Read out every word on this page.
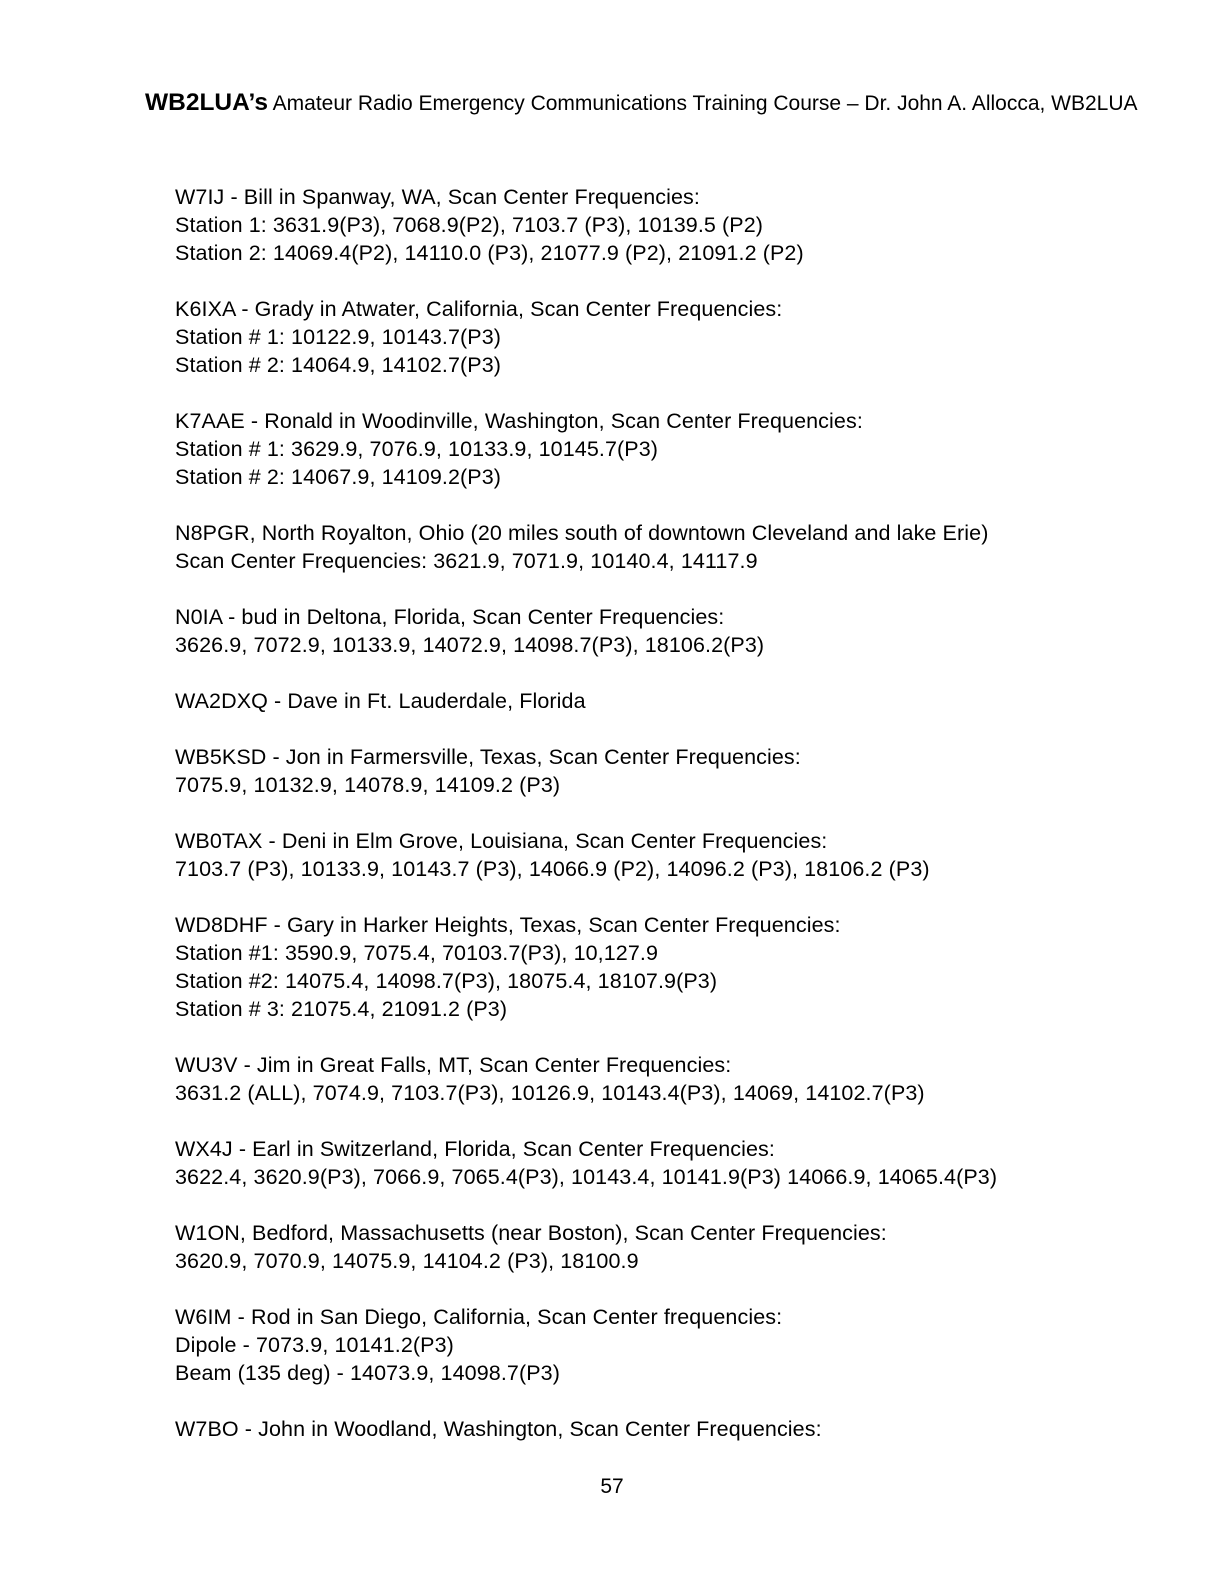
WB2LUA’s Amateur Radio Emergency Communications Training Course – Dr. John A. Allocca, WB2LUA

W7IJ - Bill in Spanway, WA, Scan Center Frequencies:

Station 1: 3631.9(P3), 7068.9(P2), 7103.7 (P3), 10139.5 (P2)

Station 2: 14069.4(P2), 14110.0 (P3), 21077.9 (P2), 21091.2 (P2)

K6IXA - Grady in Atwater, California, Scan Center Frequencies:

Station # 1: 10122.9, 10143.7(P3)

Station # 2: 14064.9, 14102.7(P3)

K7AAE - Ronald in Woodinville, Washington, Scan Center Frequencies:

Station # 1: 3629.9, 7076.9, 10133.9, 10145.7(P3)

Station # 2: 14067.9, 14109.2(P3)

N8PGR, North Royalton, Ohio (20 miles south of downtown Cleveland and lake Erie)

Scan Center Frequencies: 3621.9, 7071.9, 10140.4, 14117.9

N0IA - bud in Deltona, Florida, Scan Center Frequencies:

3626.9, 7072.9, 10133.9, 14072.9, 14098.7(P3), 18106.2(P3)

WA2DXQ - Dave in Ft. Lauderdale, Florida

WB5KSD - Jon in Farmersville, Texas, Scan Center Frequencies:

7075.9, 10132.9, 14078.9, 14109.2 (P3)

WB0TAX - Deni in Elm Grove, Louisiana, Scan Center Frequencies:

7103.7 (P3), 10133.9, 10143.7 (P3), 14066.9 (P2), 14096.2 (P3), 18106.2 (P3)

WD8DHF - Gary in Harker Heights, Texas, Scan Center Frequencies:

Station #1: 3590.9, 7075.4, 70103.7(P3), 10,127.9

Station #2: 14075.4, 14098.7(P3), 18075.4, 18107.9(P3)

Station # 3: 21075.4, 21091.2 (P3)

WU3V - Jim in Great Falls, MT, Scan Center Frequencies:

3631.2 (ALL), 7074.9, 7103.7(P3), 10126.9, 10143.4(P3), 14069, 14102.7(P3)

WX4J - Earl in Switzerland, Florida, Scan Center Frequencies:

3622.4, 3620.9(P3), 7066.9, 7065.4(P3), 10143.4, 10141.9(P3) 14066.9, 14065.4(P3)

W1ON, Bedford, Massachusetts (near Boston), Scan Center Frequencies:

3620.9, 7070.9, 14075.9, 14104.2 (P3), 18100.9

W6IM - Rod in San Diego, California, Scan Center frequencies:

Dipole - 7073.9, 10141.2(P3)

Beam (135 deg) - 14073.9, 14098.7(P3)

W7BO - John in Woodland, Washington, Scan Center Frequencies:

57
